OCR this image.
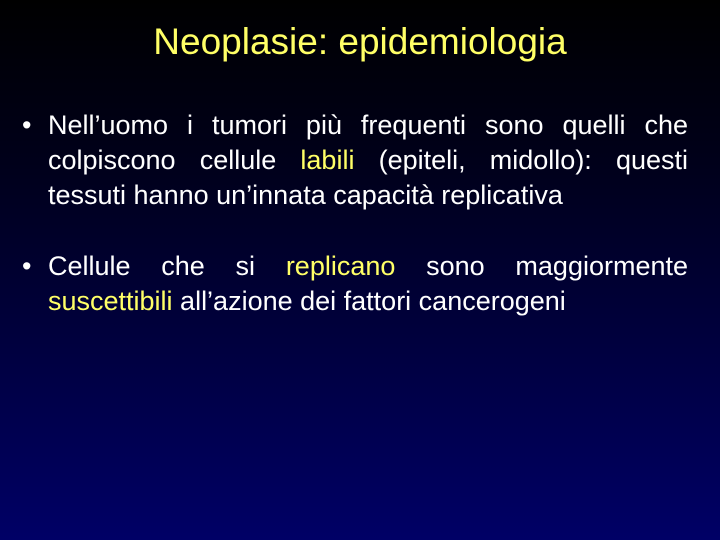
Neoplasie: epidemiologia
• Nell’uomo i tumori più frequenti sono quelli che colpiscono cellule labili (epiteli, midollo): questi tessuti hanno un’innata capacità replicativa
• Cellule che si replicano sono maggiormente suscettibili all’azione dei fattori cancerogeni
